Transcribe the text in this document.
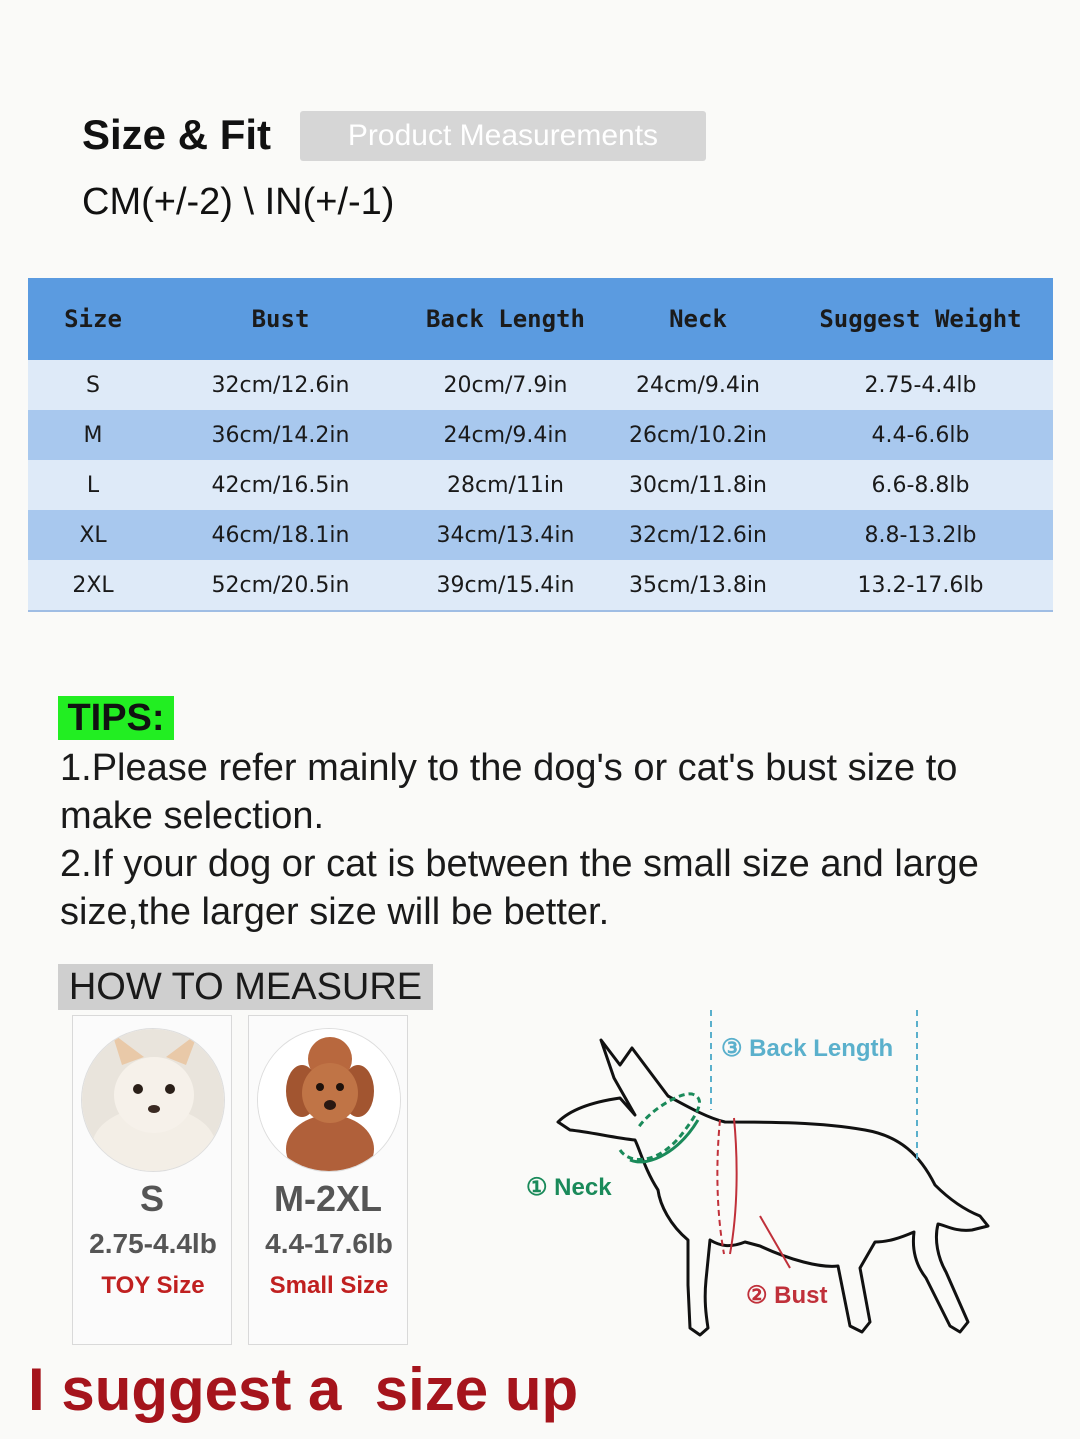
Size & Fit	Product Measurements
CM(+/-2) \ IN(+/-1)
Size	Bust	Back Length	Neck	Suggest Weight
S	32cm/12.6in	20cm/7.9in	24cm/9.4in	2.75-4.4lb
M	36cm/14.2in	24cm/9.4in	26cm/10.2in	4.4-6.6lb
L	42cm/16.5in	28cm/11in	30cm/11.8in	6.6-8.8lb
XL	46cm/18.1in	34cm/13.4in	32cm/12.6in	8.8-13.2lb
2XL	52cm/20.5in	39cm/15.4in	35cm/13.8in	13.2-17.6lb
TIPS:
1.Please refer mainly to the dog's or cat's bust size to make selection.
2.If your dog or cat is between the small size and large size,the larger size will be better.
HOW TO MEASURE
S
2.75-4.4lb
TOY Size
M-2XL
4.4-17.6lb
Small Size
③ Back Length
① Neck
② Bust
I suggest a  size up
